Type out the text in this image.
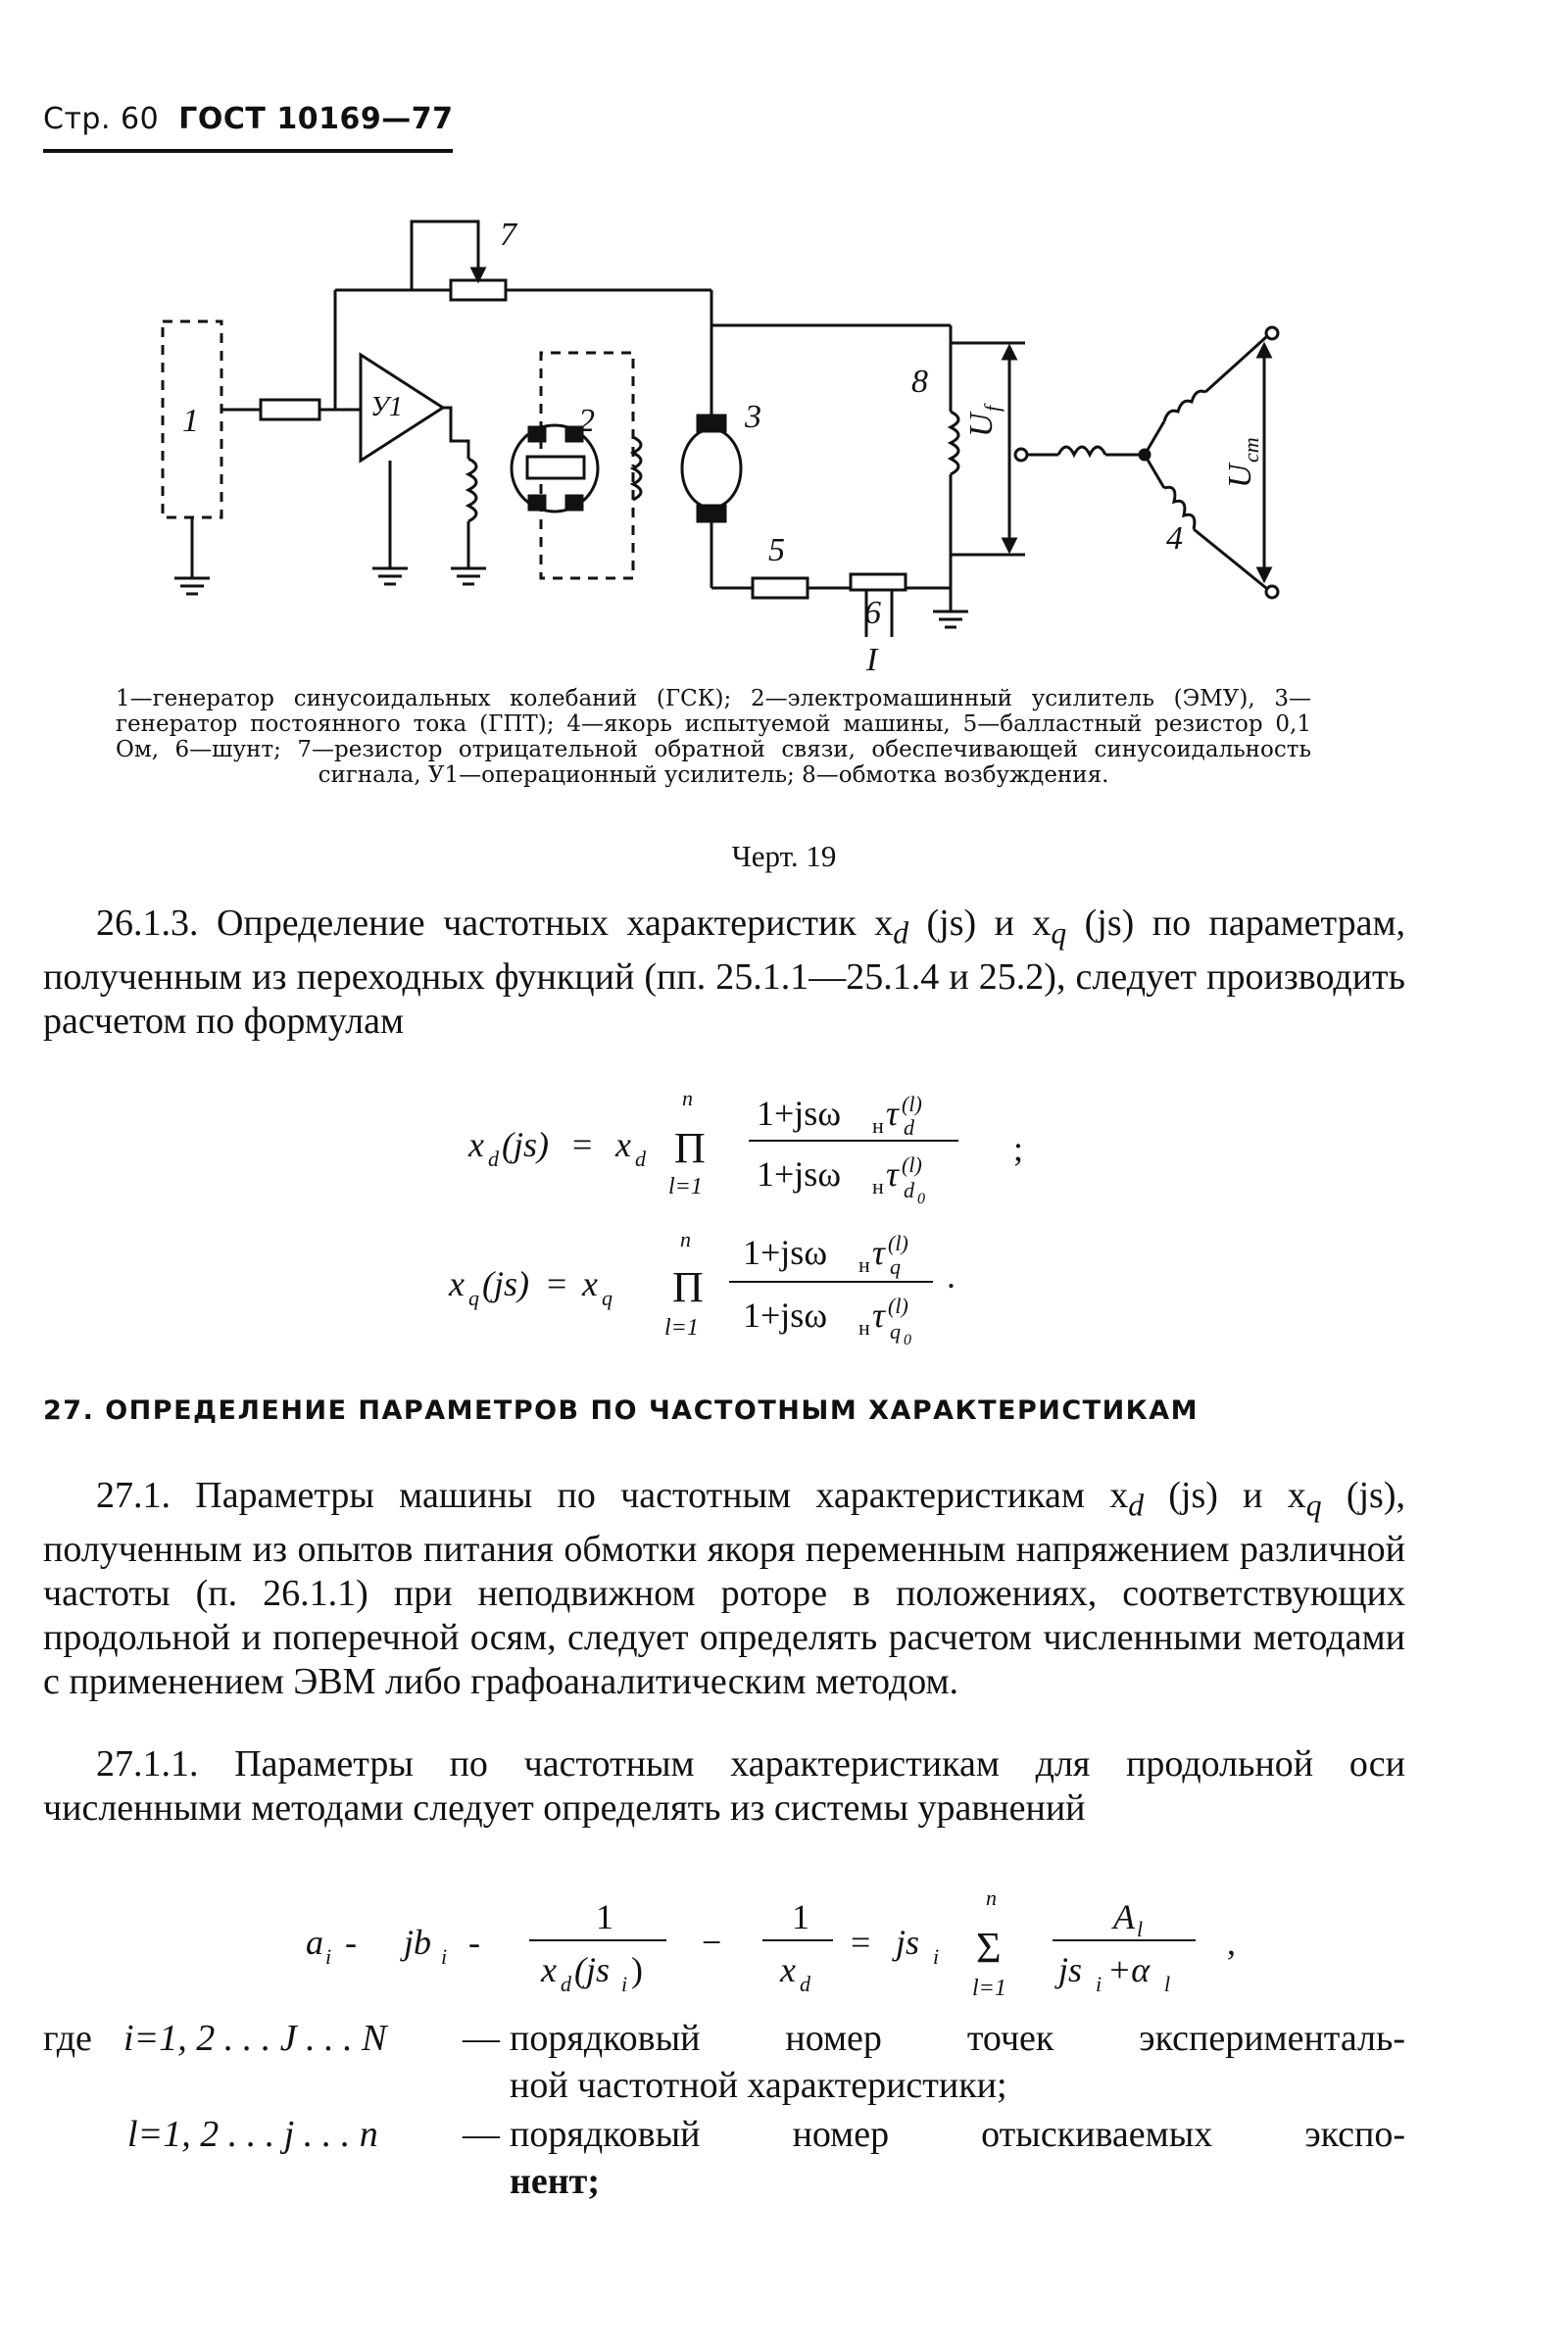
Стр. 60 ГОСТ 10169—77
1	У1	2	3
4
5
6
7
8
I
U
f
U
cm
1—генератор синусоидальных колебаний (ГСК); 2—электромашинный усилитель (ЭМУ), 3—генератор постоянного тока (ГПТ); 4—якорь испытуемой машины, 5—балластный резистор 0,1 Ом, 6—шунт; 7—резистор отрицательной обратной связи, обеспечивающей синусоидальность сигнала, У1—операционный усилитель; 8—обмотка возбуждения.
Черт. 19
26.1.3. Определение частотных характеристик $x_d$ (js) и $x_q$ (js) по параметрам, полученным из переходных функций (пп. 25.1.1—25.1.4 и 25.2), следует производить расчетом по формулам
x d (js) = x d
n
Π
l=1
1+jsω н τ (l)
d
1+jsω н τ (l)
d 0
;
x q (js) = x q
n
Π
l=1
1+jsω н τ (l)
q
1+jsω н τ (l)
q 0
.
27. ОПРЕДЕЛЕНИЕ ПАРАМЕТРОВ ПО ЧАСТОТНЫМ ХАРАКТЕРИСТИКАМ
27.1. Параметры машины по частотным характеристикам $x_d$ (js) и $x_q$ (js), полученным из опытов питания обмотки якоря переменным напряжением различной частоты (п. 26.1.1) при неподвижном роторе в положениях, соответствующих продольной и поперечной осям, следует определять расчетом численными методами с применением ЭВМ либо графоаналитическим методом.
27.1.1. Параметры по частотным характеристикам для продольной оси численными методами следует определять из системы уравнений
a i - jb i -
1
x d (js i )
−
1
x d
= js i
n
Σ
l=1
A l
js i +α l
,
где i=1, 2 . . . J . . . N — порядковый номер точек эксперименталь-
ной частотной характеристики;
l=1, 2 . . . j . . . n — порядковый номер отыскиваемых экспо-
нент;
